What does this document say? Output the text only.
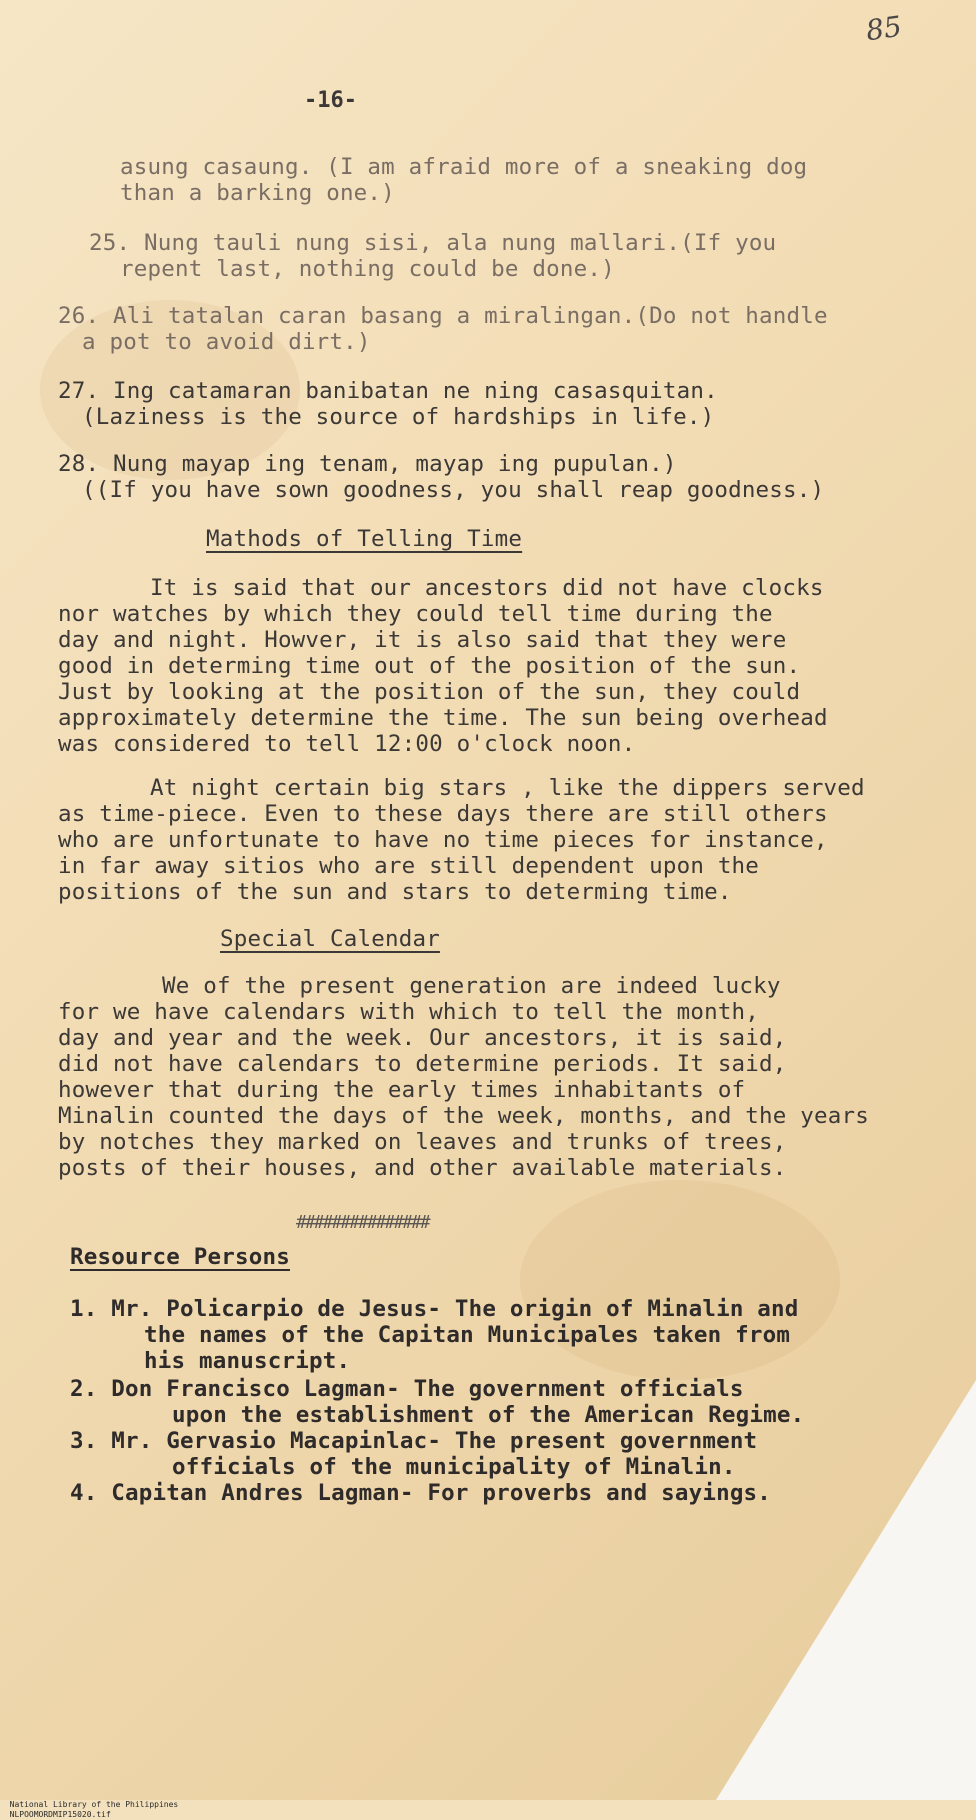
85
-16-
asung casaung. (I am afraid more of a sneaking dog
than a barking one.)
25. Nung tauli nung sisi, ala nung mallari.(If you
repent last, nothing could be done.)
26. Ali tatalan caran basang a miralingan.(Do not handle
a pot to avoid dirt.)
27. Ing catamaran banibatan ne ning casasquitan.
(Laziness is the source of hardships in life.)
28. Nung mayap ing tenam, mayap ing pupulan.)
((If you have sown goodness, you shall reap goodness.)
Mathods of Telling Time
It is said that our ancestors did not have clocks
nor watches by which they could tell time during the
day and night. Howver, it is also said that they were
good in determing time out of the position of the sun.
Just by looking at the position of the sun, they could
approximately determine the time. The sun being overhead
was considered to tell 12:00 o'clock noon.
At night certain big stars , like the dippers served
as time-piece. Even to these days there are still others
who are unfortunate to have no time pieces for instance,
in far away sitios who are still dependent upon the
positions of the sun and stars to determing time.
Special Calendar
We of the present generation are indeed lucky
for we have calendars with which to tell the month,
day and year and the week. Our ancestors, it is said,
did not have calendars to determine periods. It said,
however that during the early times inhabitants of
Minalin counted the days of the week, months, and the years
by notches they marked on leaves and trunks of trees,
posts of their houses, and other available materials.
###############
Resource Persons
1. Mr. Policarpio de Jesus- The origin of Minalin and
the names of the Capitan Municipales taken from
his manuscript.
2. Don Francisco Lagman- The government officials
upon the establishment of the American Regime.
3. Mr. Gervasio Macapinlac- The present government
officials of the municipality of Minalin.
4. Capitan Andres Lagman- For proverbs and sayings.

National Library of the Philippines
NLPOOMORDMIP15020.tif
